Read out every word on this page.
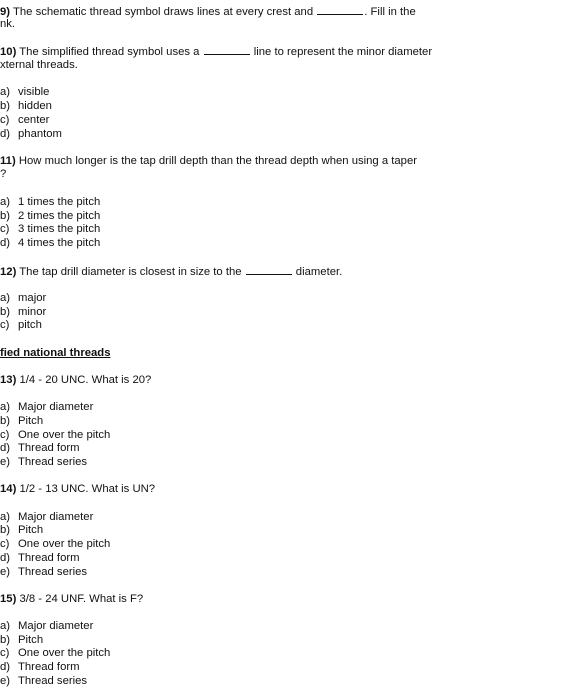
9) The schematic thread symbol draws lines at every crest and	. Fill in the
nk.
10) The simplified thread symbol uses a	line to represent the minor diameter
xternal threads.
a) visible
b) hidden
c) center
d) phantom
11) How much longer is the tap drill depth than the thread depth when using a taper
?
a) 1 times the pitch
b) 2 times the pitch
c) 3 times the pitch
d) 4 times the pitch
12) The tap drill diameter is closest in size to the	diameter.
a) major
b) minor
c) pitch
fied national threads
13) 1/4 - 20 UNC. What is 20?
a) Major diameter
b) Pitch
c) One over the pitch
d) Thread form
e) Thread series
14) 1/2 - 13 UNC. What is UN?
a) Major diameter
b) Pitch
c) One over the pitch
d) Thread form
e) Thread series
15) 3/8 - 24 UNF. What is F?
a) Major diameter
b) Pitch
c) One over the pitch
d) Thread form
e) Thread series
